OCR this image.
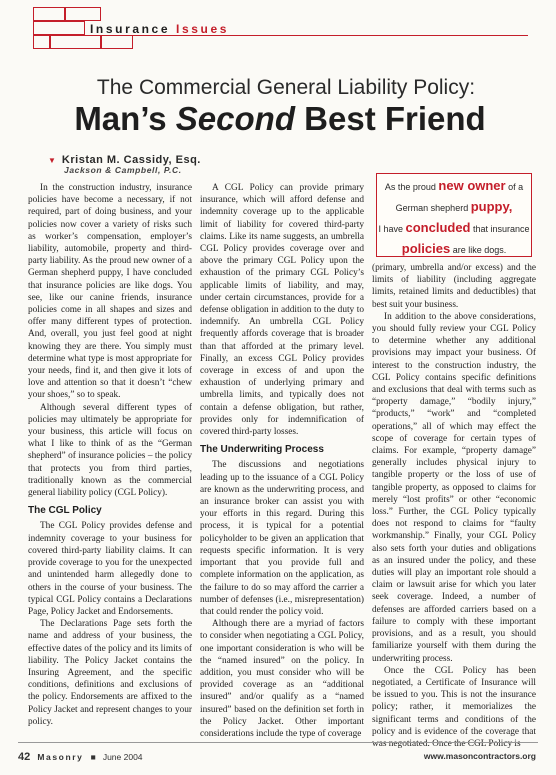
Insurance Issues
The Commercial General Liability Policy:
Man’s Second Best Friend
▼ Kristan M. Cassidy, Esq.
Jackson & Campbell, P.C.

In the construction industry, insurance policies have become a necessary, if not required, part of doing business, and your policies now cover a variety of risks such as worker’s compensation, employer’s liability, automobile, property and third-party liability. As the proud new owner of a German shepherd puppy, I have concluded that insurance policies are like dogs. You see, like our canine friends, insurance policies come in all shapes and sizes and offer many different types of protection. And, overall, you just feel good at night knowing they are there. You simply must determine what type is most appropriate for your needs, find it, and then give it lots of love and attention so that it doesn’t “chew your shoes,” so to speak.

Although several different types of policies may ultimately be appropriate for your business, this article will focus on what I like to think of as the “German shepherd” of insurance policies – the policy that protects you from third parties, traditionally known as the commercial general liability policy (CGL Policy).

The CGL Policy

The CGL Policy provides defense and indemnity coverage to your business for covered third-party liability claims. It can provide coverage to you for the unexpected and unintended harm allegedly done to others in the course of your business. The typical CGL Policy contains a Declarations Page, Policy Jacket and Endorsements.

The Declarations Page sets forth the name and address of your business, the effective dates of the policy and its limits of liability. The Policy Jacket contains the Insuring Agreement, and the specific conditions, definitions and exclusions of the policy. Endorsements are affixed to the Policy Jacket and represent changes to your policy.

A CGL Policy can provide primary insurance, which will afford defense and indemnity coverage up to the applicable limit of liability for covered third-party claims. Like its name suggests, an umbrella CGL Policy provides coverage over and above the primary CGL Policy upon the exhaustion of the primary CGL Policy’s applicable limits of liability, and may, under certain circumstances, provide for a defense obligation in addition to the duty to indemnify. An umbrella CGL Policy frequently affords coverage that is broader than that afforded at the primary level. Finally, an excess CGL Policy provides coverage in excess of and upon the exhaustion of underlying primary and umbrella limits, and typically does not contain a defense obligation, but rather, provides only for indemnification of covered third-party losses.

The Underwriting Process

The discussions and negotiations leading up to the issuance of a CGL Policy are known as the underwriting process, and an insurance broker can assist you with your efforts in this regard. During this process, it is typical for a potential policyholder to be given an application that requests specific information. It is very important that you provide full and complete information on the application, as the failure to do so may afford the carrier a number of defenses (i.e., misrepresentation) that could render the policy void.

Although there are a myriad of factors to consider when negotiating a CGL Policy, one important consideration is who will be the “named insured” on the policy. In addition, you must consider who will be provided coverage as an “additional insured” and/or qualify as a “named insured” based on the definition set forth in the Policy Jacket. Other important considerations include the type of coverage

As the proud new owner of a
German shepherd puppy,
I have concluded that insurance
policies are like dogs.

(primary, umbrella and/or excess) and the limits of liability (including aggregate limits, retained limits and deductibles) that best suit your business.

In addition to the above considerations, you should fully review your CGL Policy to determine whether any additional provisions may impact your business. Of interest to the construction industry, the CGL Policy contains specific definitions and exclusions that deal with terms such as “property damage,” “bodily injury,” “products,” “work” and “completed operations,” all of which may effect the scope of coverage for certain types of claims. For example, “property damage” generally includes physical injury to tangible property or the loss of use of tangible property, as opposed to claims for merely “lost profits” or other “economic loss.” Further, the CGL Policy typically does not respond to claims for “faulty workmanship.” Finally, your CGL Policy also sets forth your duties and obligations as an insured under the policy, and these duties will play an important role should a claim or lawsuit arise for which you later seek coverage. Indeed, a number of defenses are afforded carriers based on a failure to comply with these important provisions, and as a result, you should familiarize yourself with them during the underwriting process.

Once the CGL Policy has been negotiated, a Certificate of Insurance will be issued to you. This is not the insurance policy; rather, it memorializes the significant terms and conditions of the policy and is evidence of the coverage that was negotiated. Once the CGL Policy is

42 Masonry ■ June 2004	www.masoncontractors.org
